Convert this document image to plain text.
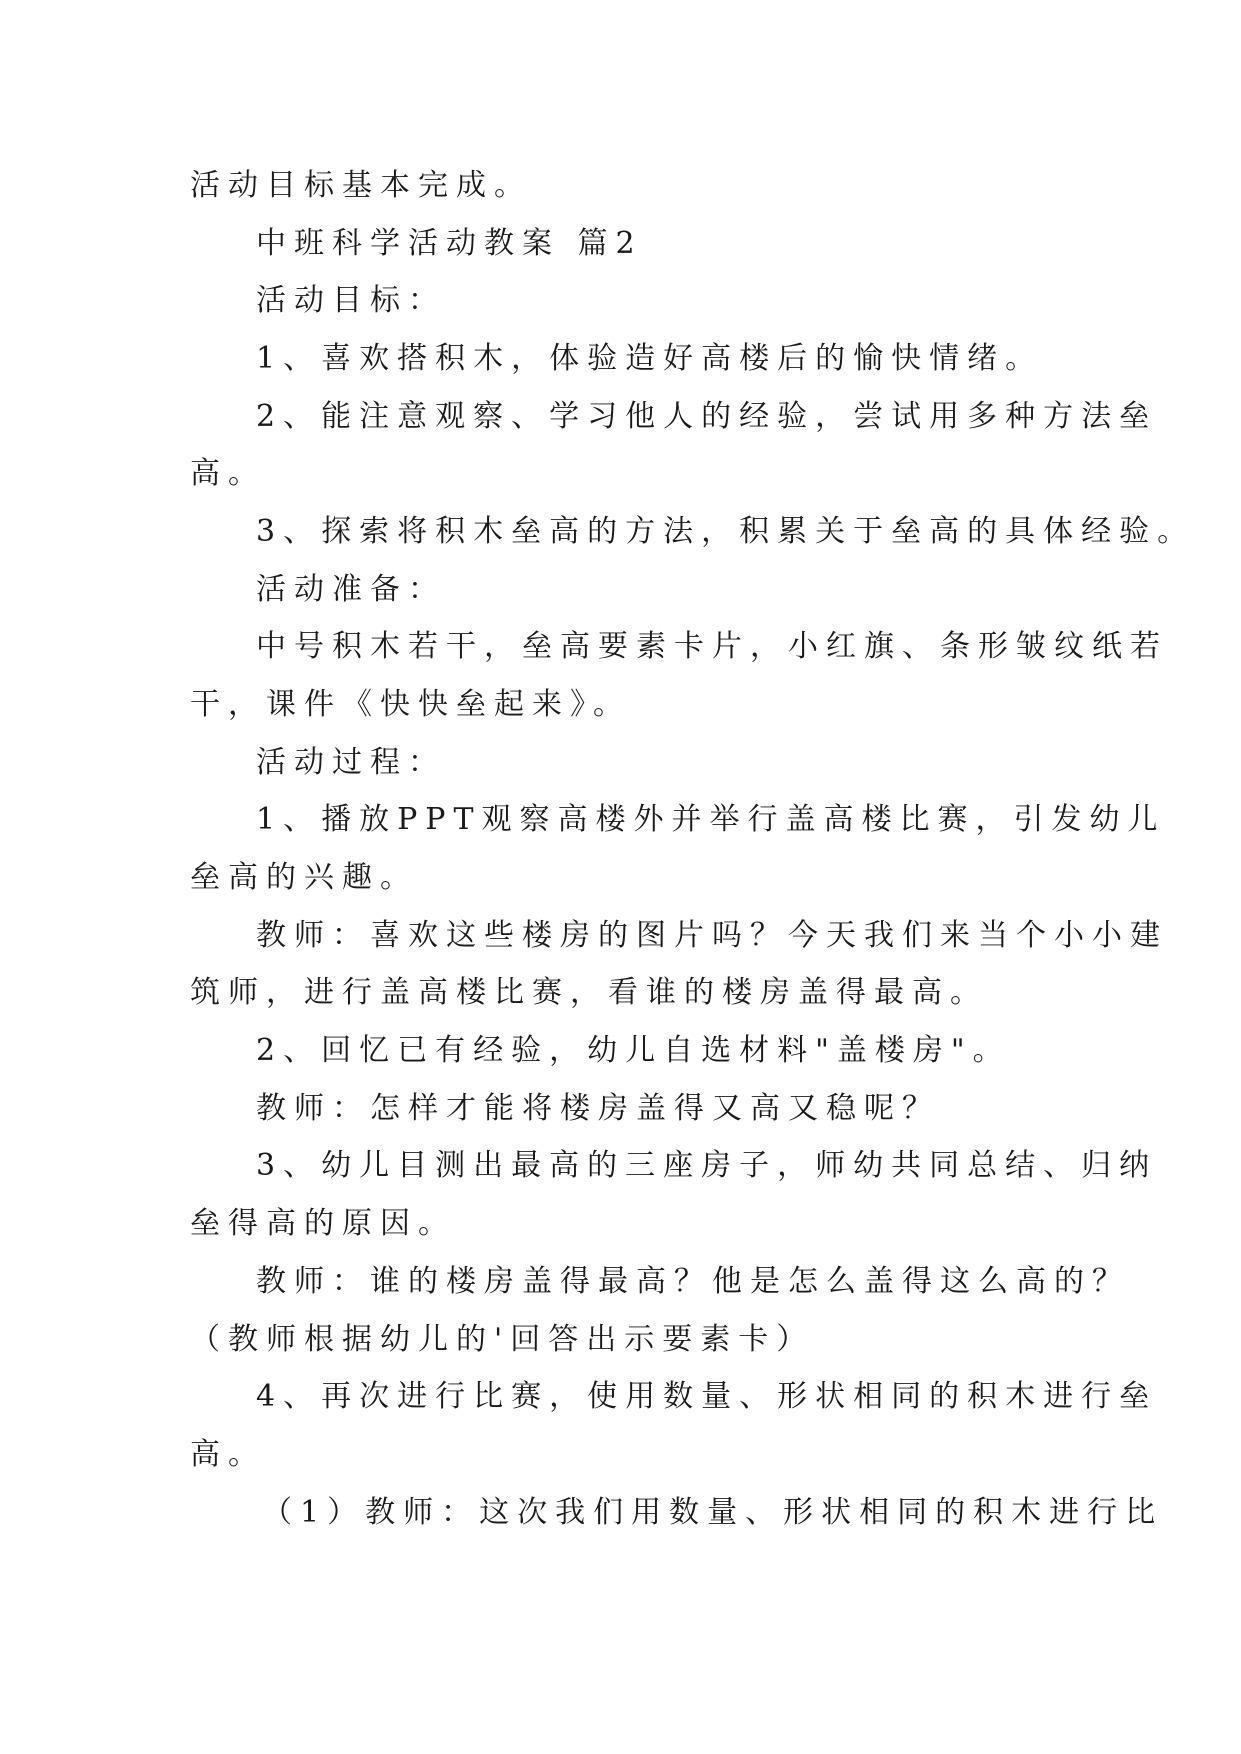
活动目标基本完成。
中班科学活动教案 篇2
活动目标：
1、喜欢搭积木，体验造好高楼后的愉快情绪。
2、能注意观察、学习他人的经验，尝试用多种方法垒
高。
3、探索将积木垒高的方法，积累关于垒高的具体经验。
活动准备：
中号积木若干，垒高要素卡片，小红旗、条形皱纹纸若
干，课件《快快垒起来》。
活动过程：
1、播放PPT观察高楼外并举行盖高楼比赛，引发幼儿
垒高的兴趣。
教师：喜欢这些楼房的图片吗？今天我们来当个小小建
筑师，进行盖高楼比赛，看谁的楼房盖得最高。
2、回忆已有经验，幼儿自选材料"盖楼房"。
教师：怎样才能将楼房盖得又高又稳呢？
3、幼儿目测出最高的三座房子，师幼共同总结、归纳
垒得高的原因。
教师：谁的楼房盖得最高？他是怎么盖得这么高的？
（教师根据幼儿的'回答出示要素卡）
4、再次进行比赛，使用数量、形状相同的积木进行垒
高。
（1）教师：这次我们用数量、形状相同的积木进行比
